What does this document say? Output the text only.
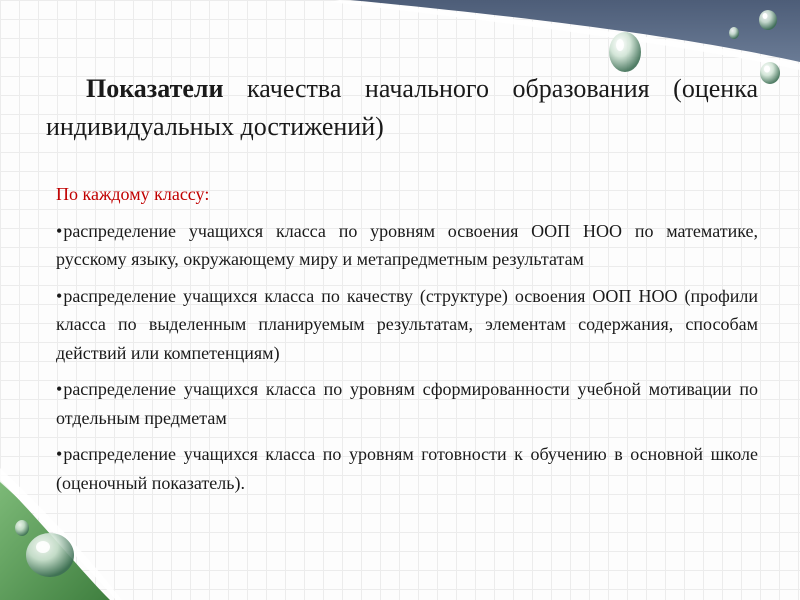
Показатели качества начального образования (оценка индивидуальных достижений)

По каждому классу:

•распределение учащихся класса по уровням освоения ООП НОО по математике, русскому языку, окружающему миру и метапредметным результатам

•распределение учащихся класса по качеству (структуре) освоения ООП НОО (профили класса по выделенным планируемым результатам, элементам содержания, способам действий или компетенциям)

•распределение учащихся класса по уровням сформированности учебной мотивации по отдельным предметам

•распределение учащихся класса по уровням готовности к обучению в основной школе (оценочный показатель).
